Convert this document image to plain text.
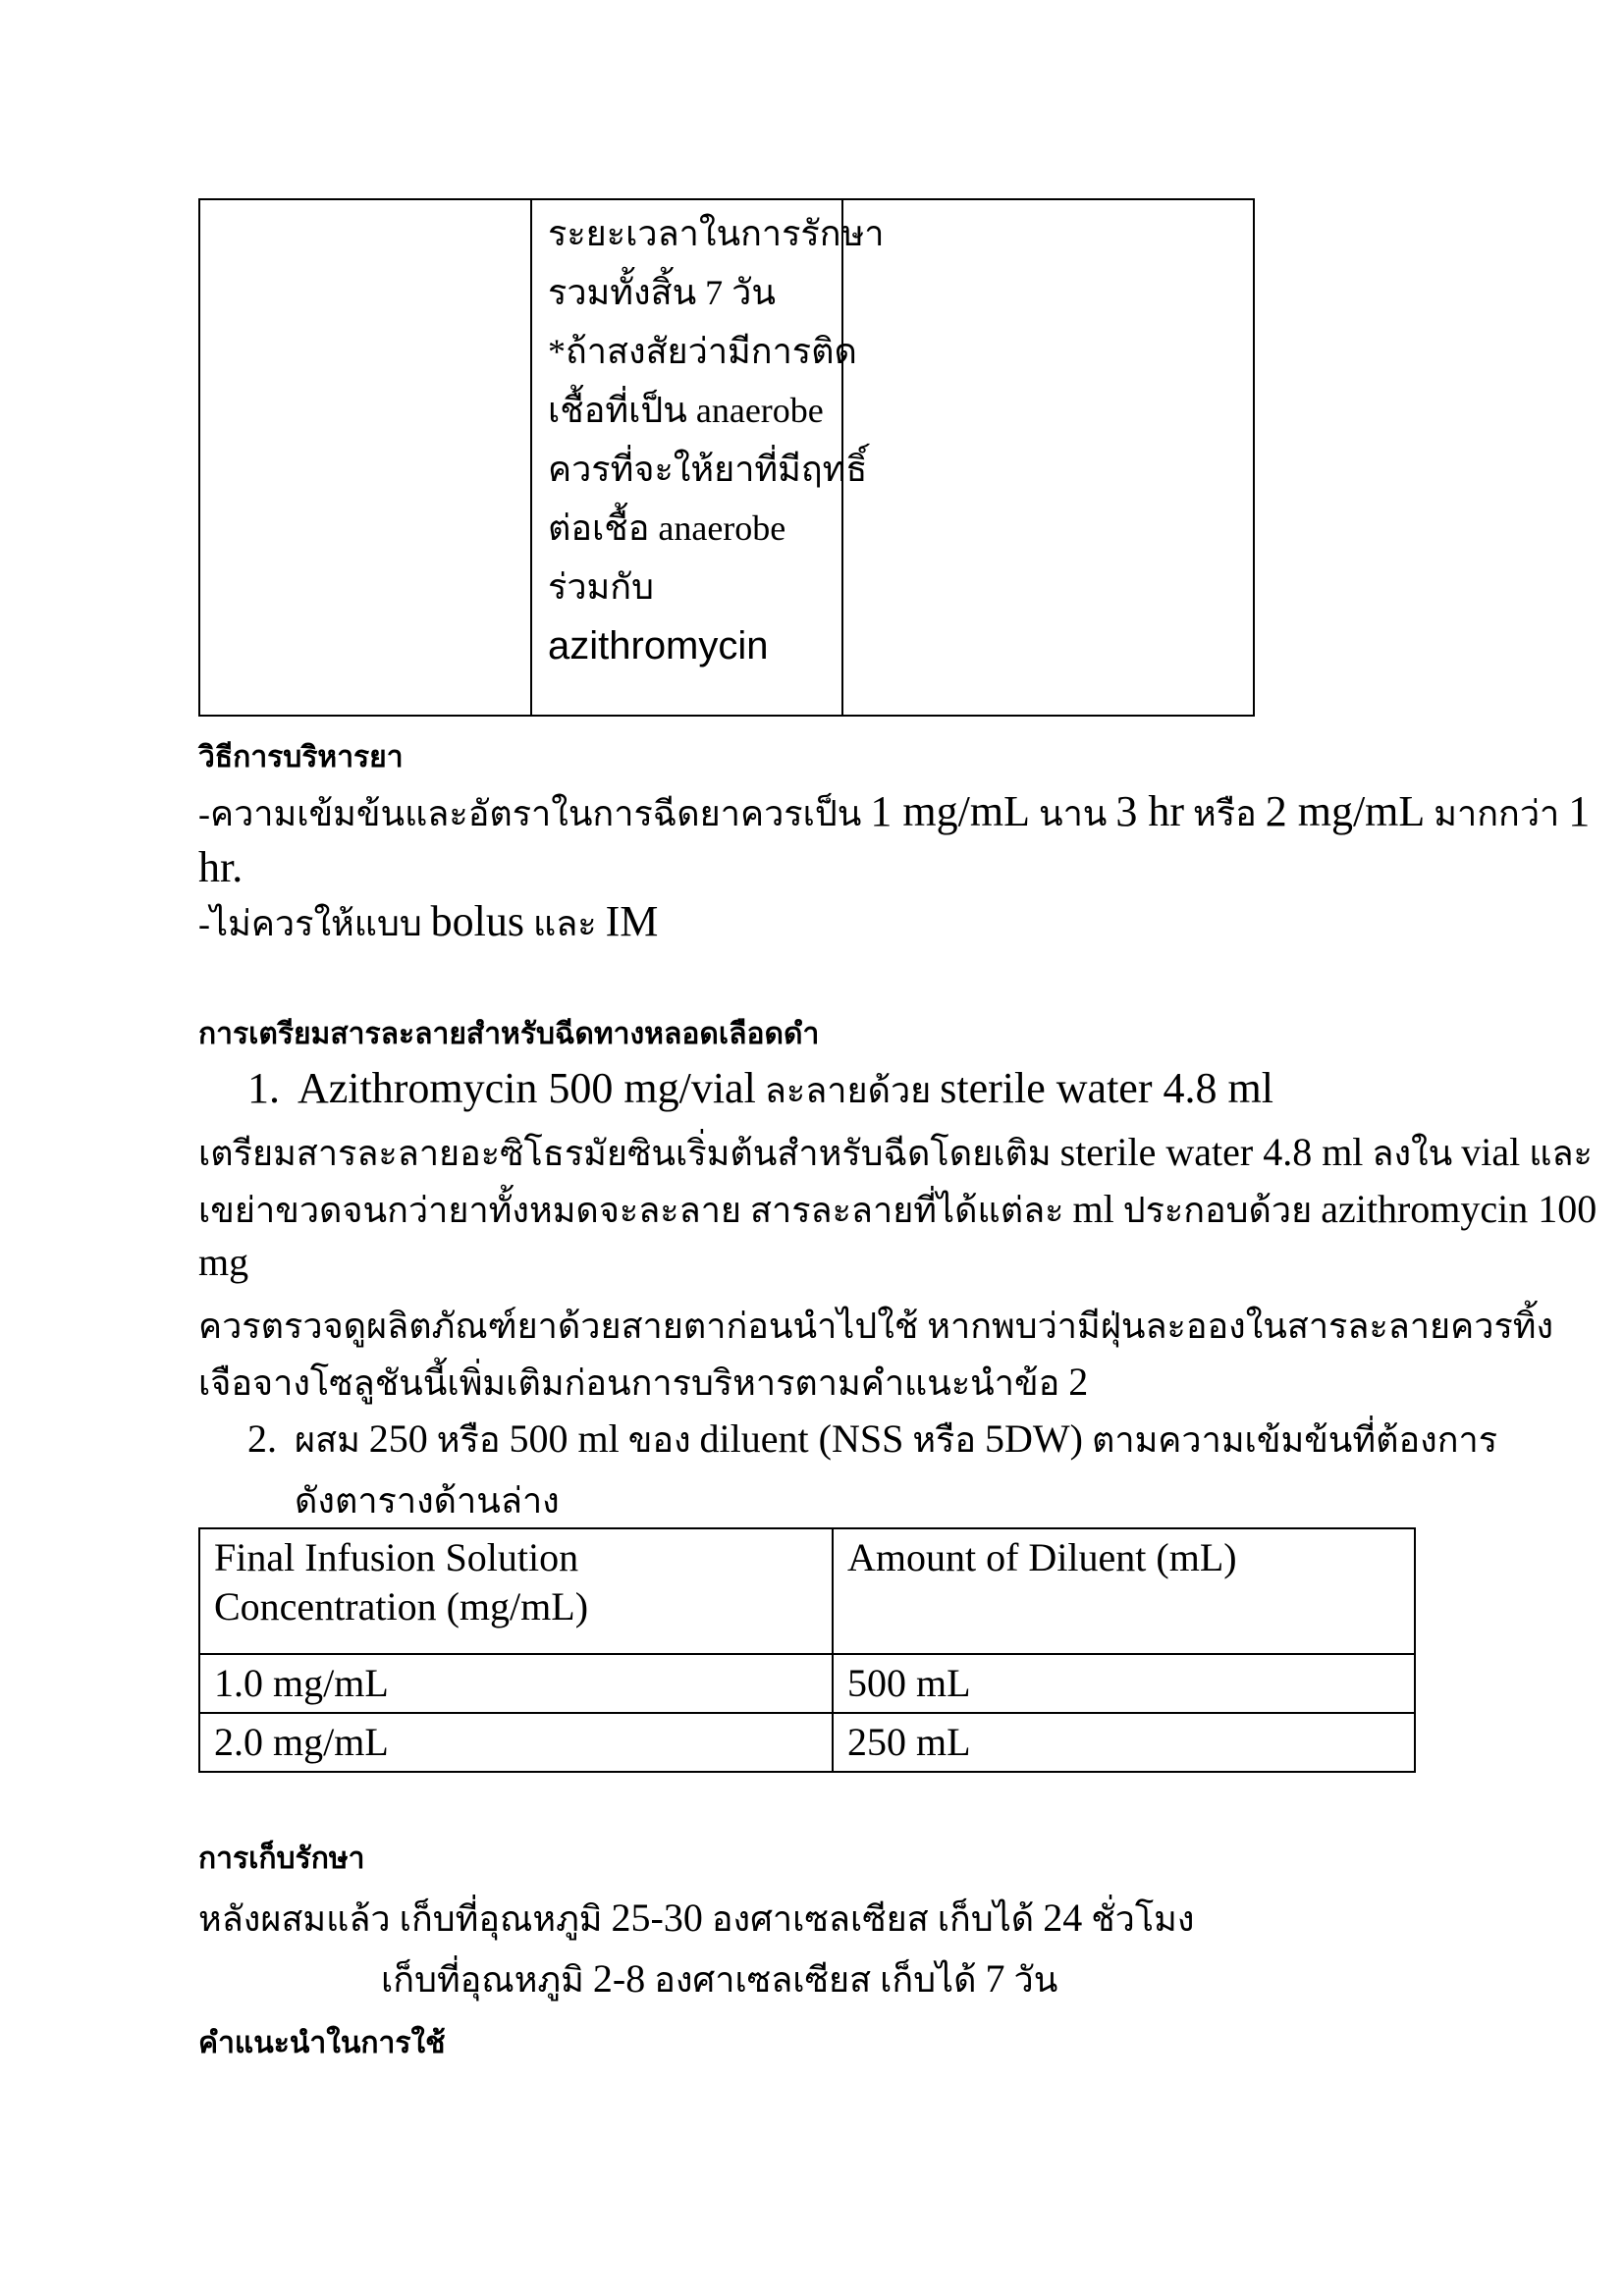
ระยะเวลาในการรักษา
รวมทั้งสิ้น 7 วัน
*ถ้าสงสัยว่ามีการติด
เชื้อที่เป็น anaerobe
ควรที่จะให้ยาที่มีฤทธิ์
ต่อเชื้อ anaerobe
ร่วมกับ
azithromycin

วิธีการบริหารยา
-ความเข้มข้นและอัตราในการฉีดยาควรเป็น 1 mg/mL นาน 3 hr หรือ 2 mg/mL มากกว่า 1
hr.
-ไม่ควรให้แบบ bolus และ IM
การเตรียมสารละลายสำหรับฉีดทางหลอดเลือดดำ
1. Azithromycin 500 mg/vial ละลายด้วย sterile water 4.8 ml
เตรียมสารละลายอะซิโธรมัยซินเริ่มต้นสำหรับฉีดโดยเติม sterile water 4.8 ml ลงใน vial และ
เขย่าขวดจนกว่ายาทั้งหมดจะละลาย สารละลายที่ได้แต่ละ ml ประกอบด้วย azithromycin 100
mg
ควรตรวจดูผลิตภัณฑ์ยาด้วยสายตาก่อนนำไปใช้ หากพบว่ามีฝุ่นละอองในสารละลายควรทิ้ง
เจือจางโซลูชันนี้เพิ่มเติมก่อนการบริหารตามคำแนะนำข้อ 2
2. ผสม 250 หรือ 500 ml ของ diluent (NSS หรือ 5DW) ตามความเข้มข้นที่ต้องการ
ดังตารางด้านล่าง
Final Infusion Solution
Concentration (mg/mL)	Amount of Diluent (mL)
1.0 mg/mL	500 mL
2.0 mg/mL	250 mL
การเก็บรักษา
หลังผสมแล้ว เก็บที่อุณหภูมิ 25-30 องศาเซลเซียส เก็บได้ 24 ชั่วโมง
เก็บที่อุณหภูมิ 2-8 องศาเซลเซียส เก็บได้ 7 วัน
คำแนะนำในการใช้
